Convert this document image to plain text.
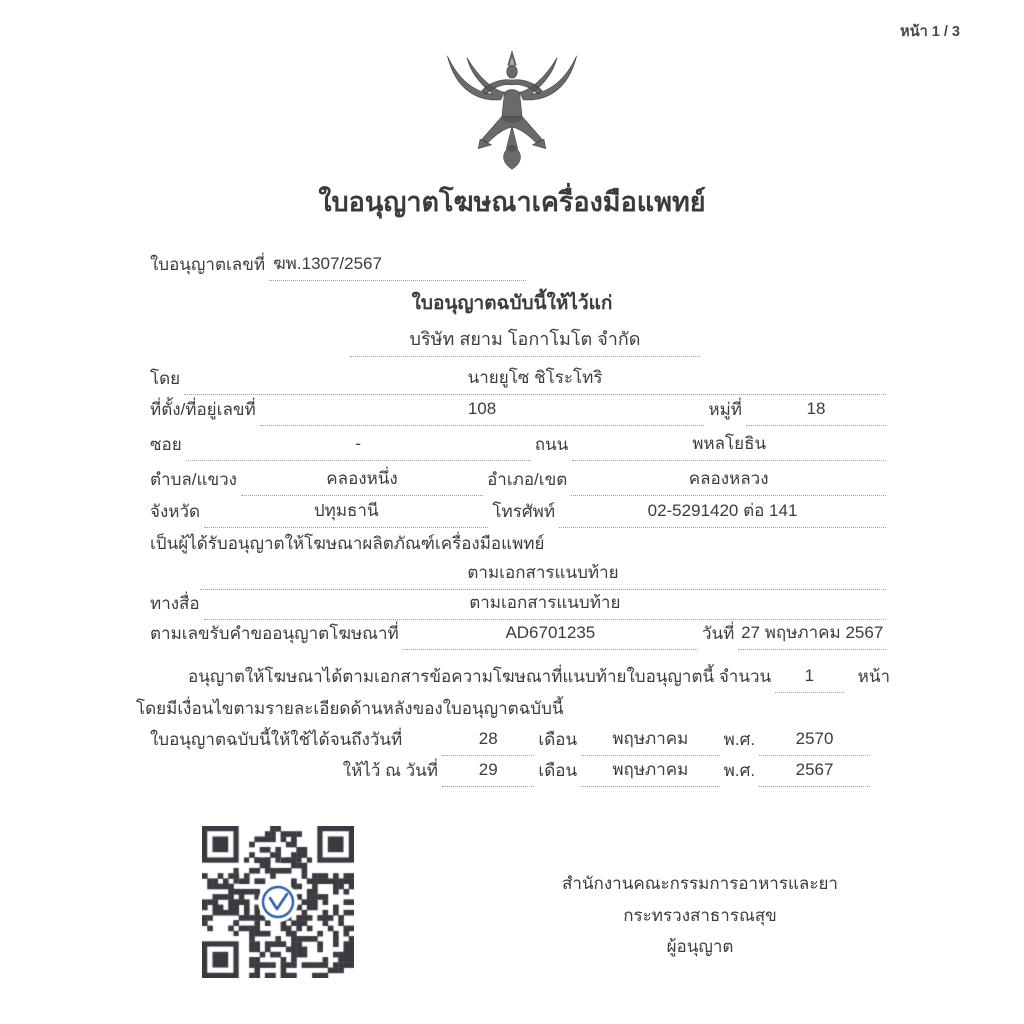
หน้า 1 / 3
ใบอนุญาตโฆษณาเครื่องมือแพทย์
ใบอนุญาตเลขที่ ฆพ.1307/2567
ใบอนุญาตฉบับนี้ให้ไว้แก่
บริษัท สยาม โอกาโมโต จำกัด
โดย	นายยูโซ ชิโระโทริ
ที่ตั้ง/ที่อยู่เลขที่	108	หมู่ที่	18
ซอย	-	ถนน	พหลโยธิน
ตำบล/แขวง	คลองหนึ่ง	อำเภอ/เขต	คลองหลวง
จังหวัด	ปทุมธานี	โทรศัพท์	02-5291420 ต่อ 141
เป็นผู้ได้รับอนุญาตให้โฆษณาผลิตภัณฑ์เครื่องมือแพทย์
ตามเอกสารแนบท้าย
ทางสื่อ	ตามเอกสารแนบท้าย
ตามเลขรับคำขออนุญาตโฆษณาที่	AD6701235	วันที่ 27 พฤษภาคม 2567
อนุญาตให้โฆษณาได้ตามเอกสารข้อความโฆษณาที่แนบท้ายใบอนุญาตนี้ จำนวน	1	หน้า
โดยมีเงื่อนไขตามรายละเอียดด้านหลังของใบอนุญาตฉบับนี้
ใบอนุญาตฉบับนี้ให้ใช้ได้จนถึงวันที่	28	เดือน	พฤษภาคม	พ.ศ.	2570
ให้ไว้ ณ วันที่	29	เดือน	พฤษภาคม	พ.ศ.	2567
สำนักงานคณะกรรมการอาหารและยา
กระทรวงสาธารณสุข
ผู้อนุญาต
